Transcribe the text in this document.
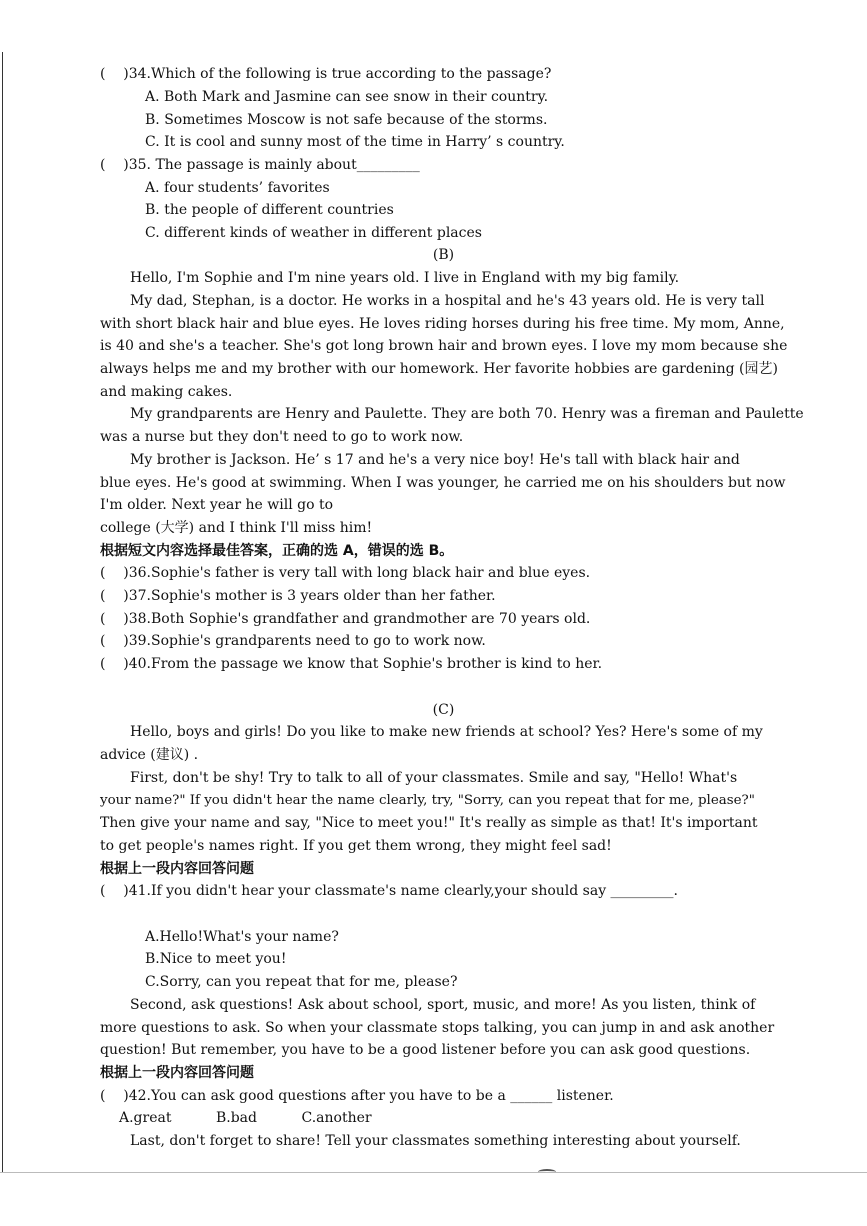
(    )34.Which of the following is true according to the passage?
A. Both Mark and Jasmine can see snow in their country.
B. Sometimes Moscow is not safe because of the storms.
C. It is cool and sunny most of the time in Harry’ s country.
(    )35. The passage is mainly about_________
A. four students’ favorites
B. the people of different countries
C. different kinds of weather in different places
(B)
Hello, I'm Sophie and I'm nine years old. I live in England with my big family.
My dad, Stephan, is a doctor. He works in a hospital and he's 43 years old. He is very tall
with short black hair and blue eyes. He loves riding horses during his free time. My mom, Anne,
is 40 and she's a teacher. She's got long brown hair and brown eyes. I love my mom because she
always helps me and my brother with our homework. Her favorite hobbies are gardening (园艺)
and making cakes.
My grandparents are Henry and Paulette. They are both 70. Henry was a fireman and Paulette
was a nurse but they don't need to go to work now.
My brother is Jackson. He’ s 17 and he's a very nice boy! He's tall with black hair and
blue eyes. He's good at swimming. When I was younger, he carried me on his shoulders but now
I'm older. Next year he will go to
college (大学) and I think I'll miss him!
根据短文内容选择最佳答案，正确的选 A，错误的选 B。
(    )36.Sophie's father is very tall with long black hair and blue eyes.
(    )37.Sophie's mother is 3 years older than her father.
(    )38.Both Sophie's grandfather and grandmother are 70 years old.
(    )39.Sophie's grandparents need to go to work now.
(    )40.From the passage we know that Sophie's brother is kind to her.
(C)
Hello, boys and girls! Do you like to make new friends at school? Yes? Here's some of my
advice (建议) .
First, don't be shy! Try to talk to all of your classmates. Smile and say, "Hello! What's
your name?" If you didn't hear the name clearly, try, "Sorry, can you repeat that for me, please?"
Then give your name and say, "Nice to meet you!" It's really as simple as that! It's important
to get people's names right. If you get them wrong, they might feel sad!
根据上一段内容回答问题
(    )41.If you didn't hear your classmate's name clearly,your should say _________.
A.Hello!What's your name?
B.Nice to meet you!
C.Sorry, can you repeat that for me, please?
Second, ask questions! Ask about school, sport, music, and more! As you listen, think of
more questions to ask. So when your classmate stops talking, you can jump in and ask another
question! But remember, you have to be a good listener before you can ask good questions.
根据上一段内容回答问题
(    )42.You can ask good questions after you have to be a ______ listener.
A.great          B.bad          C.another
Last, don't forget to share! Tell your classmates something interesting about yourself.
